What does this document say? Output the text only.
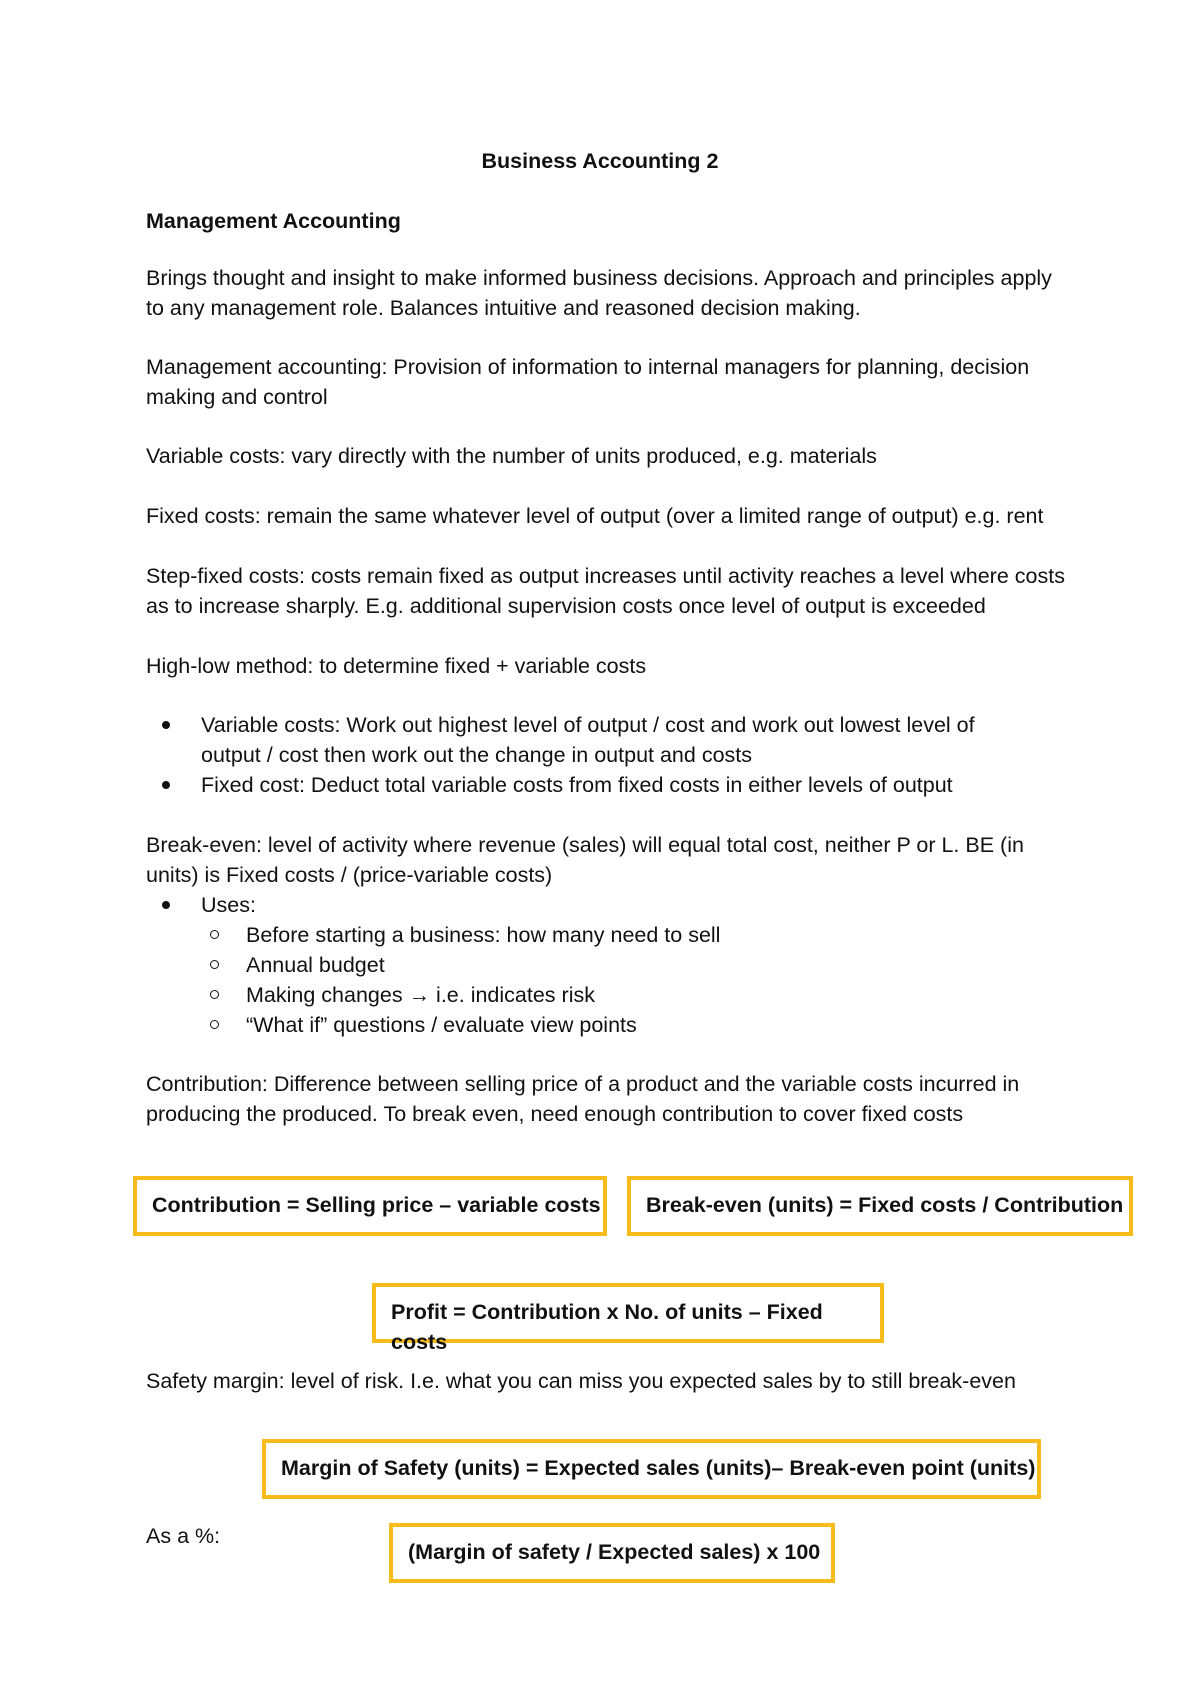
Business Accounting 2

Management Accounting

Brings thought and insight to make informed business decisions. Approach and principles apply
to any management role. Balances intuitive and reasoned decision making.
Management accounting: Provision of information to internal managers for planning, decision
making and control

Variable costs: vary directly with the number of units produced, e.g. materials

Fixed costs: remain the same whatever level of output (over a limited range of output) e.g. rent

Step-fixed costs: costs remain fixed as output increases until activity reaches a level where costs
as to increase sharply. E.g. additional supervision costs once level of output is exceeded

High-low method: to determine fixed + variable costs

Variable costs: Work out highest level of output / cost and work out lowest level of
output / cost then work out the change in output and costs
Fixed cost: Deduct total variable costs from fixed costs in either levels of output
Break-even: level of activity where revenue (sales) will equal total cost, neither P or L. BE (in
units) is Fixed costs / (price-variable costs)
Uses:
Before starting a business: how many need to sell
Annual budget
Making changes → i.e. indicates risk
“What if” questions / evaluate view points
Contribution: Difference between selling price of a product and the variable costs incurred in
producing the produced. To break even, need enough contribution to cover fixed costs
Contribution = Selling price – variable costs	Break-even (units) = Fixed costs / Contribution
Profit = Contribution x No. of units – Fixed costs

Safety margin: level of risk. I.e. what you can miss you expected sales by to still break-even

Margin of Safety (units) = Expected sales (units)– Break-even point (units)

As a %:

(Margin of safety / Expected sales) x 100
